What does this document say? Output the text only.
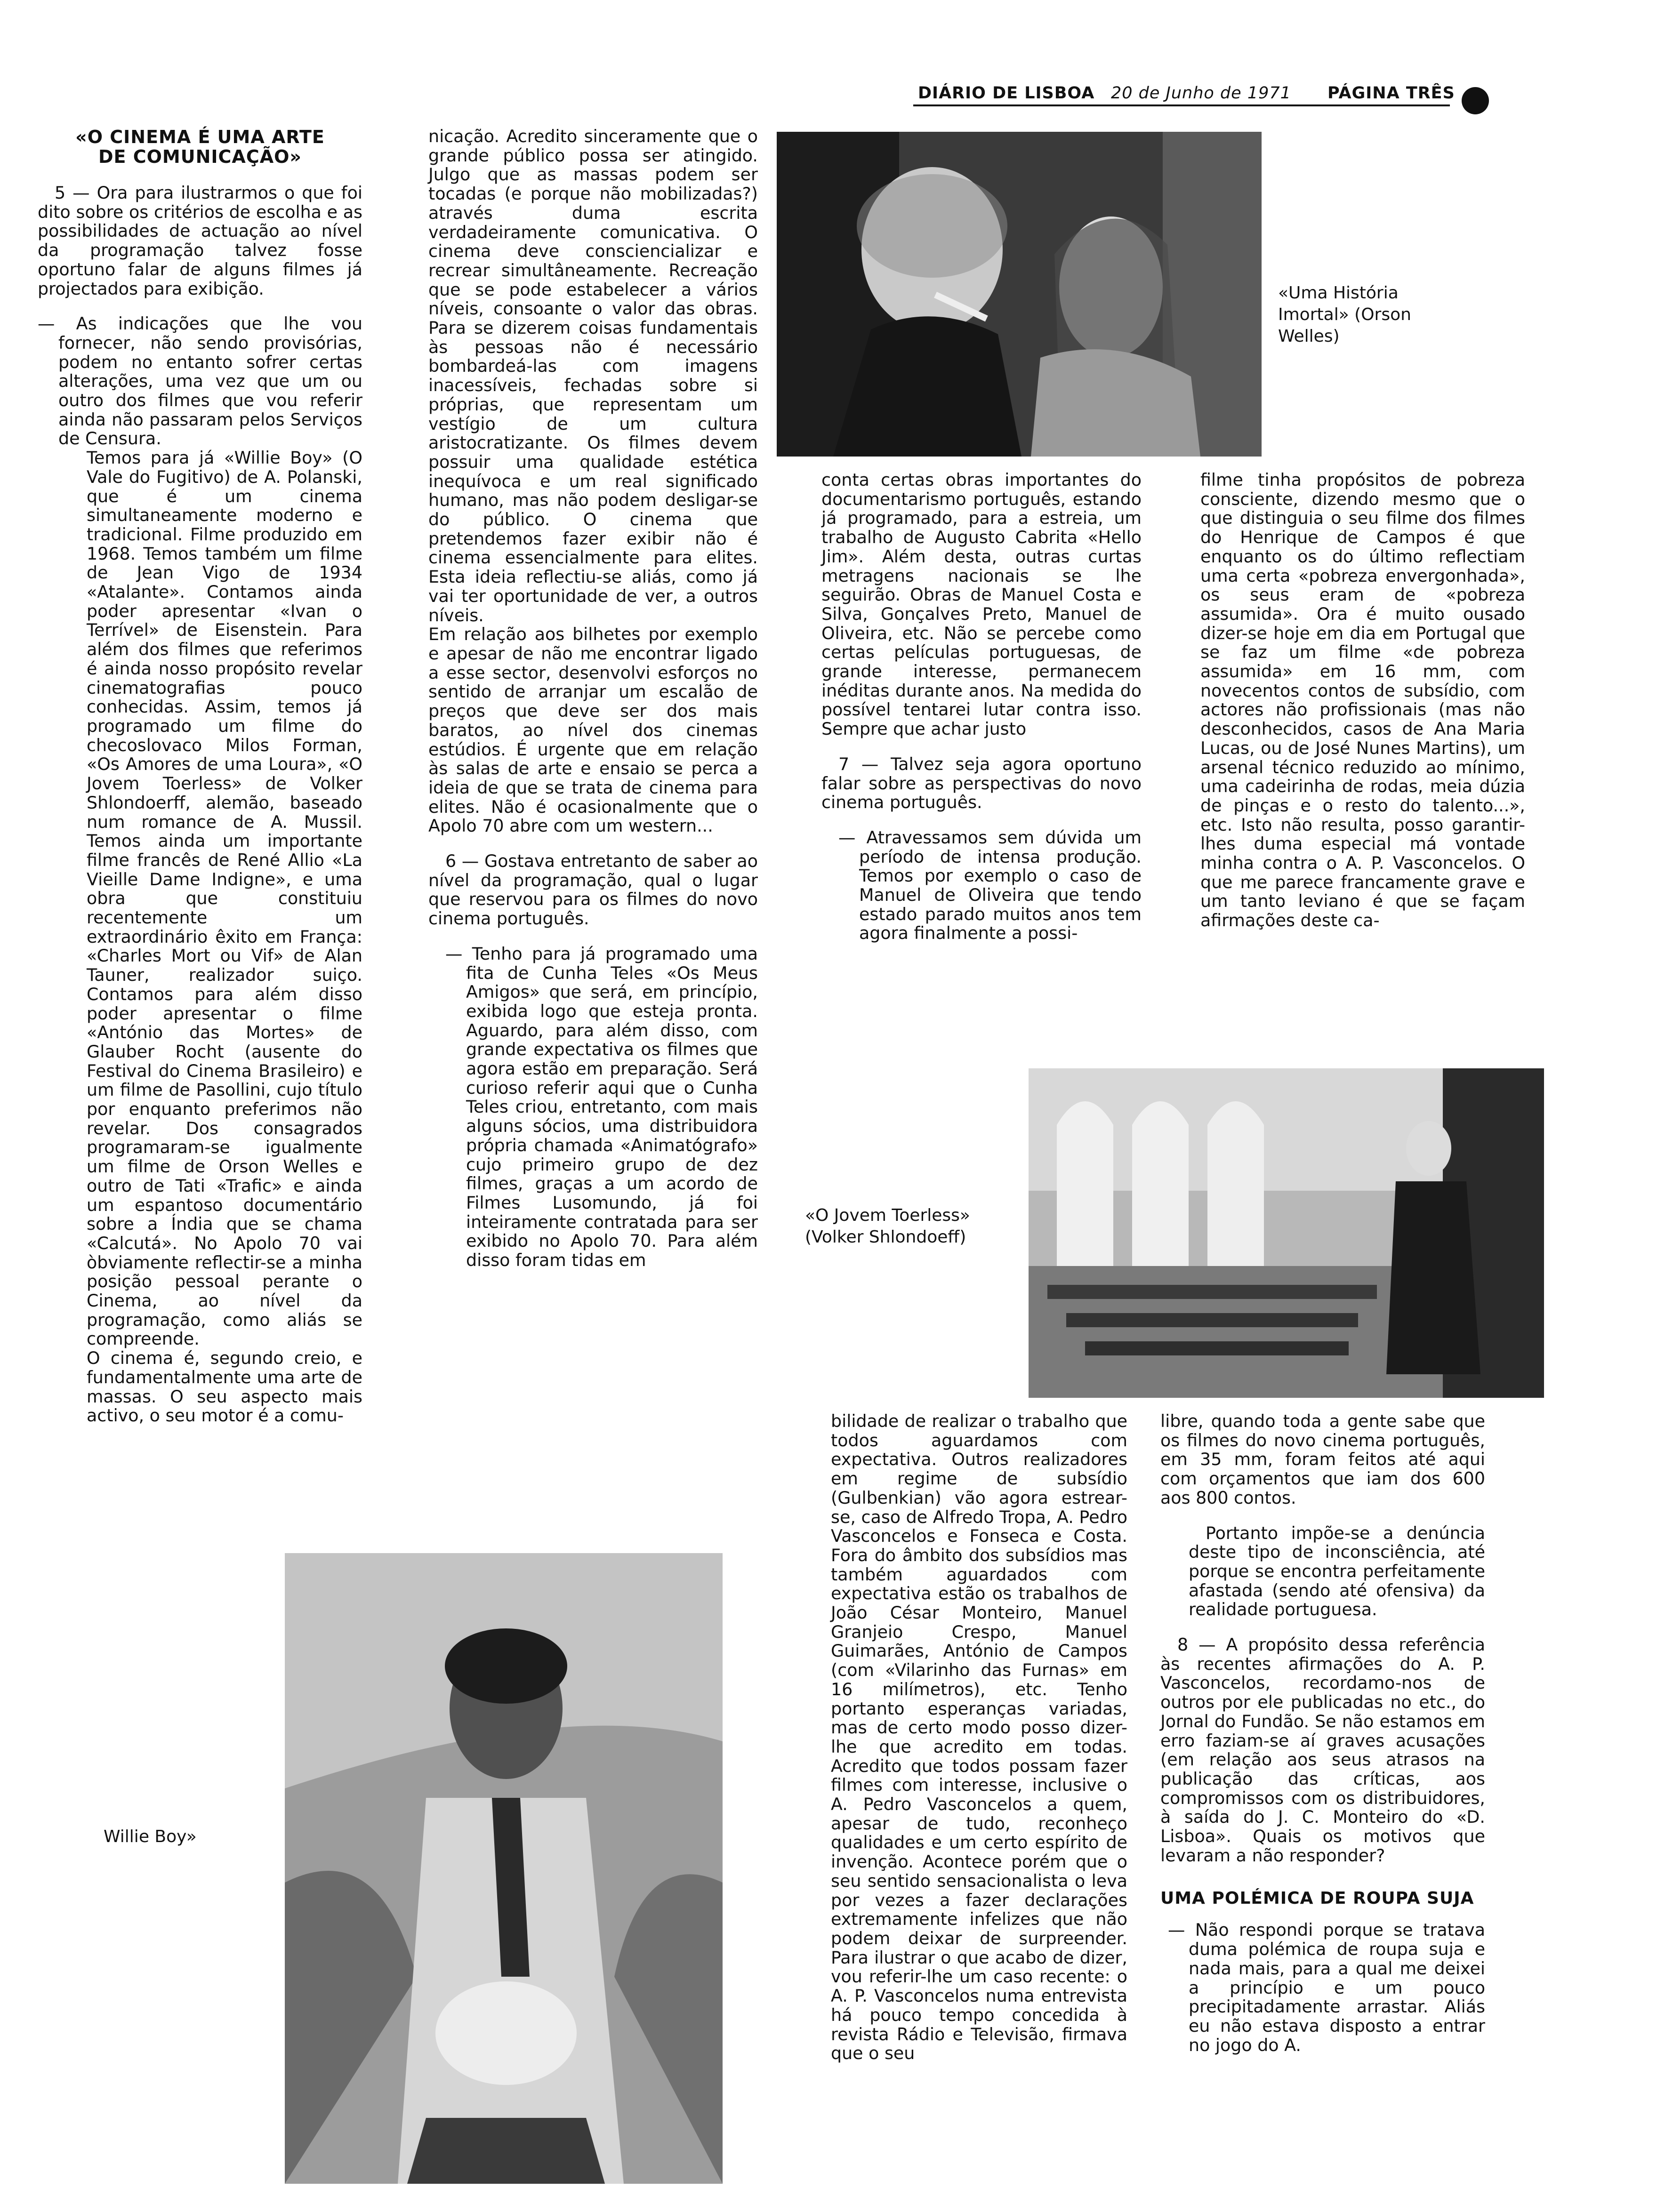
DIÁRIO DE LISBOA 20 de Junho de 1971 PÁGINA TRÊS
«O CINEMA É UMA ARTE DE COMUNICAÇÃO»

5 — Ora para ilustrarmos o que foi dito sobre os critérios de escolha e as possibilidades de actuação ao nível da programação talvez fosse oportuno falar de alguns filmes já projectados para exibição.

— As indicações que lhe vou fornecer, não sendo provisórias, podem no entanto sofrer certas alterações, uma vez que um ou outro dos filmes que vou referir ainda não passaram pelos Serviços de Censura.

Temos para já «Willie Boy» (O Vale do Fugitivo) de A. Polanski, que é um cinema simultaneamente moderno e tradicional. Filme produzido em 1968. Temos também um filme de Jean Vigo de 1934 «Atalante». Contamos ainda poder apresentar «Ivan o Terrível» de Eisenstein. Para além dos filmes que referimos é ainda nosso propósito revelar cinematografias pouco conhecidas. Assim, temos já programado um filme do checoslovaco Milos Forman, «Os Amores de uma Loura», «O Jovem Toerless» de Volker Shlondoerff, alemão, baseado num romance de A. Mussil. Temos ainda um importante filme francês de René Allio «La Vieille Dame Indigne», e uma obra que constituiu recentemente um extraordinário êxito em França: «Charles Mort ou Vif» de Alan Tauner, realizador suiço. Contamos para além disso poder apresentar o filme «António das Mortes» de Glauber Rocht (ausente do Festival do Cinema Brasileiro) e um filme de Pasollini, cujo título por enquanto preferimos não revelar. Dos consagrados programaram-se igualmente um filme de Orson Welles e outro de Tati «Trafic» e ainda um espantoso documentário sobre a Índia que se chama «Calcutá». No Apolo 70 vai òbviamente reflectir-se a minha posição pessoal perante o Cinema, ao nível da programação, como aliás se compreende.

O cinema é, segundo creio, e fundamentalmente uma arte de massas. O seu aspecto mais activo, o seu motor é a comu-

nicação. Acredito sinceramente que o grande público possa ser atingido. Julgo que as massas podem ser tocadas (e porque não mobilizadas?) através duma escrita verdadeiramente comunicativa. O cinema deve consciencializar e recrear simultâneamente. Recreação que se pode estabelecer a vários níveis, consoante o valor das obras. Para se dizerem coisas fundamentais às pessoas não é necessário bombardeá-las com imagens inacessíveis, fechadas sobre si próprias, que representam um vestígio de um cultura aristocratizante. Os filmes devem possuir uma qualidade estética inequívoca e um real significado humano, mas não podem desligar-se do público. O cinema que pretendemos fazer exibir não é cinema essencialmente para elites. Esta ideia reflectiu-se aliás, como já vai ter oportunidade de ver, a outros níveis.

Em relação aos bilhetes por exemplo e apesar de não me encontrar ligado a esse sector, desenvolvi esforços no sentido de arranjar um escalão de preços que deve ser dos mais baratos, ao nível dos cinemas estúdios. É urgente que em relação às salas de arte e ensaio se perca a ideia de que se trata de cinema para elites. Não é ocasionalmente que o Apolo 70 abre com um western...

6 — Gostava entretanto de saber ao nível da programação, qual o lugar que reservou para os filmes do novo cinema português.

— Tenho para já programado uma fita de Cunha Teles «Os Meus Amigos» que será, em princípio, exibida logo que esteja pronta. Aguardo, para além disso, com grande expectativa os filmes que agora estão em preparação. Será curioso referir aqui que o Cunha Teles criou, entretanto, com mais alguns sócios, uma distribuidora própria chamada «Animatógrafo» cujo primeiro grupo de dez filmes, graças a um acordo de Filmes Lusomundo, já foi inteiramente contratada para ser exibido no Apolo 70. Para além disso foram tidas em

«Uma História Imortal» (Orson Welles)

conta certas obras importantes do documentarismo português, estando já programado, para a estreia, um trabalho de Augusto Cabrita «Hello Jim». Além desta, outras curtas metragens nacionais se lhe seguirão. Obras de Manuel Costa e Silva, Gonçalves Preto, Manuel de Oliveira, etc. Não se percebe como certas películas portuguesas, de grande interesse, permanecem inéditas durante anos. Na medida do possível tentarei lutar contra isso. Sempre que achar justo

7 — Talvez seja agora oportuno falar sobre as perspectivas do novo cinema português.

— Atravessamos sem dúvida um período de intensa produção. Temos por exemplo o caso de Manuel de Oliveira que tendo estado parado muitos anos tem agora finalmente a possi-

filme tinha propósitos de pobreza consciente, dizendo mesmo que o que distinguia o seu filme dos filmes do Henrique de Campos é que enquanto os do último reflectiam uma certa «pobreza envergonhada», os seus eram de «pobreza assumida». Ora é muito ousado dizer-se hoje em dia em Portugal que se faz um filme «de pobreza assumida» em 16 mm, com novecentos contos de subsídio, com actores não profissionais (mas não desconhecidos, casos de Ana Maria Lucas, ou de José Nunes Martins), um arsenal técnico reduzido ao mínimo, uma cadeirinha de rodas, meia dúzia de pinças e o resto do talento...», etc. Isto não resulta, posso garantir-lhes duma especial má vontade minha contra o A. P. Vasconcelos. O que me parece francamente grave e um tanto leviano é que se façam afirmações deste ca-

«O Jovem Toerless» (Volker Shlondoeff)

bilidade de realizar o trabalho que todos aguardamos com expectativa. Outros realizadores em regime de subsídio (Gulbenkian) vão agora estrear-se, caso de Alfredo Tropa, A. Pedro Vasconcelos e Fonseca e Costa. Fora do âmbito dos subsídios mas também aguardados com expectativa estão os trabalhos de João César Monteiro, Manuel Granjeio Crespo, Manuel Guimarães, António de Campos (com «Vilarinho das Furnas» em 16 milímetros), etc. Tenho portanto esperanças variadas, mas de certo modo posso dizer-lhe que acredito em todas. Acredito que todos possam fazer filmes com interesse, inclusive o A. Pedro Vasconcelos a quem, apesar de tudo, reconheço qualidades e um certo espírito de invenção. Acontece porém que o seu sentido sensacionalista o leva por vezes a fazer declarações extremamente infelizes que não podem deixar de surpreender. Para ilustrar o que acabo de dizer, vou referir-lhe um caso recente: o A. P. Vasconcelos numa entrevista há pouco tempo concedida à revista Rádio e Televisão, firmava que o seu

libre, quando toda a gente sabe que os filmes do novo cinema português, em 35 mm, foram feitos até aqui com orçamentos que iam dos 600 aos 800 contos.

Portanto impõe-se a denúncia deste tipo de inconsciência, até porque se encontra perfeitamente afastada (sendo até ofensiva) da realidade portuguesa.

8 — A propósito dessa referência às recentes afirmações do A. P. Vasconcelos, recordamo-nos de outros por ele publicadas no etc., do Jornal do Fundão. Se não estamos em erro faziam-se aí graves acusações (em relação aos seus atrasos na publicação das críticas, aos compromissos com os distribuidores, à saída do J. C. Monteiro do «D. Lisboa». Quais os motivos que levaram a não responder?

UMA POLÉMICA DE ROUPA SUJA

— Não respondi porque se tratava duma polémica de roupa suja e nada mais, para a qual me deixei a princípio e um pouco precipitadamente arrastar. Aliás eu não estava disposto a entrar no jogo do A.

Willie Boy»
